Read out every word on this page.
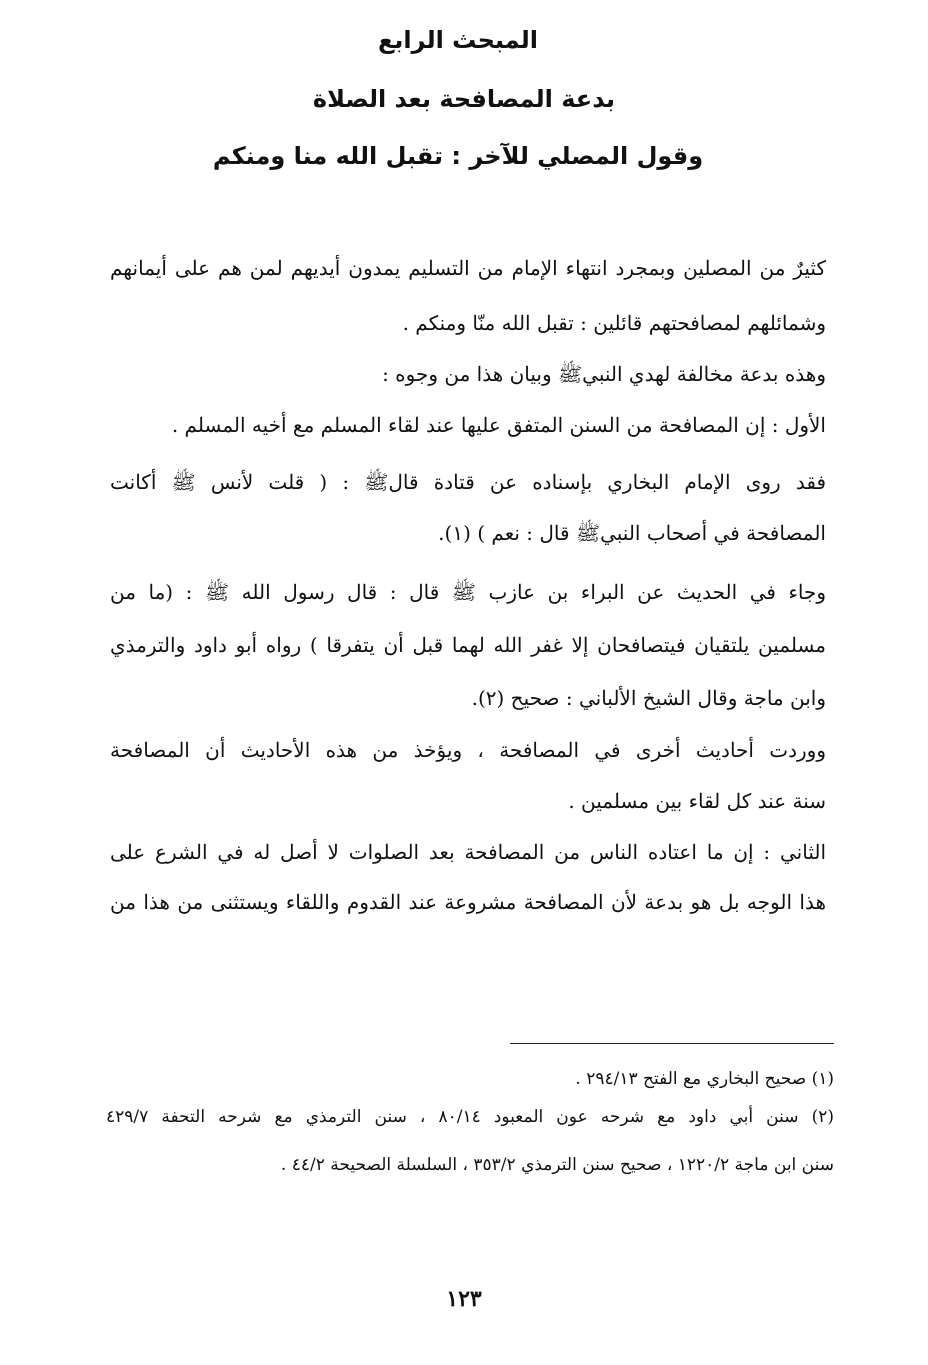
المبحث الرابع
بدعة المصافحة بعد الصلاة
وقول المصلي للآخر : تقبل الله منا ومنكم
كثيرٌ من المصلين وبمجرد انتهاء الإمام من التسليم يمدون أيديهم لمن هم على أيمانهم
وشمائلهم لمصافحتهم قائلين : تقبل الله منّا ومنكم .
وهذه بدعة مخالفة لهدي النبيﷺ وبيان هذا من وجوه :
الأول : إن المصافحة من السنن المتفق عليها عند لقاء المسلم مع أخيه المسلم .
فقد روى الإمام البخاري بإسناده عن قتادة قالﷺ : ( قلت لأنس ﷺ أكانت
المصافحة في أصحاب النبيﷺ قال : نعم ) (١).
وجاء في الحديث عن البراء بن عازب ﷺ قال : قال رسول الله ﷺ : (ما من
مسلمين يلتقيان فيتصافحان إلا غفر الله لهما قبل أن يتفرقا ) رواه أبو داود والترمذي
وابن ماجة وقال الشيخ الألباني : صحيح (٢).
ووردت أحاديث أخرى في المصافحة ، ويؤخذ من هذه الأحاديث أن المصافحة
سنة عند كل لقاء بين مسلمين .
الثاني : إن ما اعتاده الناس من المصافحة بعد الصلوات لا أصل له في الشرع على
هذا الوجه بل هو بدعة لأن المصافحة مشروعة عند القدوم واللقاء ويستثنى من هذا من
(١) صحيح البخاري مع الفتح ٢٩٤/١٣ .
(٢) سنن أبي داود مع شرحه عون المعبود ٨٠/١٤ ، سنن الترمذي مع شرحه التحفة ٤٢٩/٧
سنن ابن ماجة ١٢٢٠/٢ ، صحيح سنن الترمذي ٣٥٣/٢ ، السلسلة الصحيحة ٤٤/٢ .
١٢٣
